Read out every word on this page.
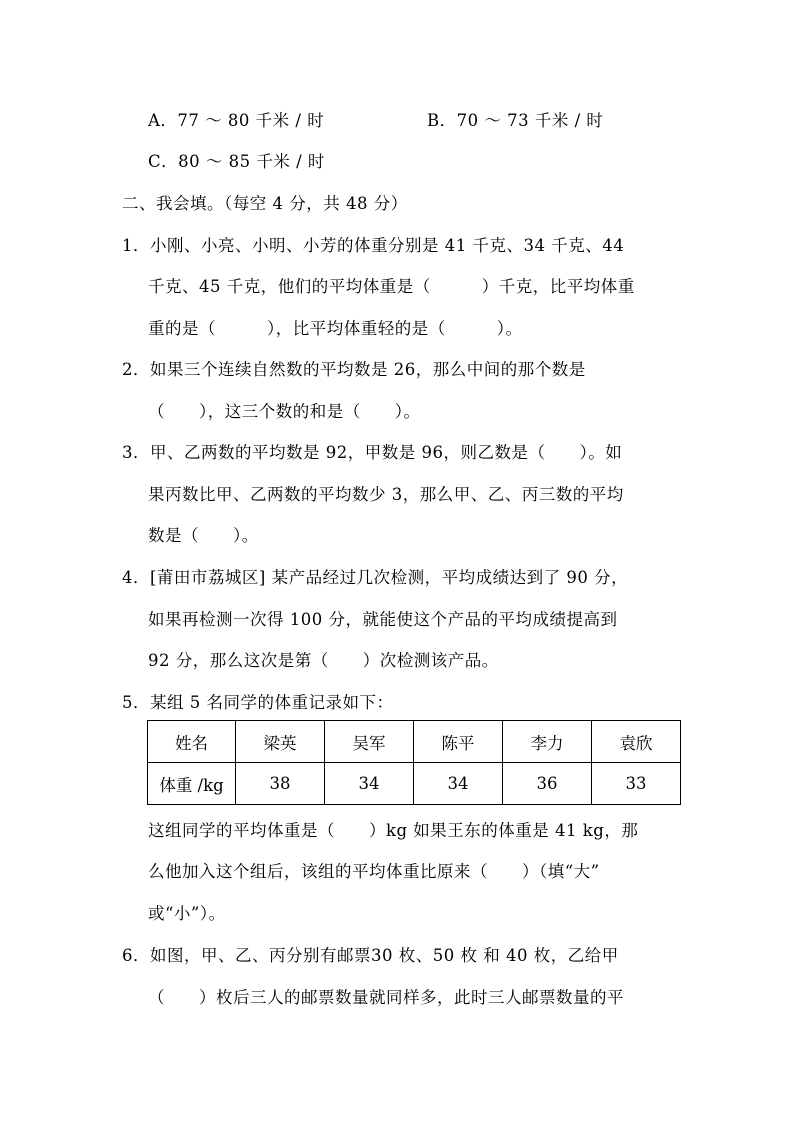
A．77 ～ 80 千米 / 时	B．70 ～ 73 千米 / 时
C．80 ～ 85 千米 / 时
二、我会填。（每空 4 分，共 48 分）
1．小刚、小亮、小明、小芳的体重分别是 41 千克、34 千克、44
千克、45 千克，他们的平均体重是（　　　）千克，比平均体重
重的是（　　　），比平均体重轻的是（　　　）。
2．如果三个连续自然数的平均数是 26，那么中间的那个数是
（　　），这三个数的和是（　　）。
3．甲、乙两数的平均数是 92，甲数是 96，则乙数是（　　）。如
果丙数比甲、乙两数的平均数少 3，那么甲、乙、丙三数的平均
数是（　　）。
4．[莆田市荔城区] 某产品经过几次检测，平均成绩达到了 90 分，
如果再检测一次得 100 分，就能使这个产品的平均成绩提高到
92 分，那么这次是第（　　）次检测该产品。
5．某组 5 名同学的体重记录如下：
姓名	梁英	吴军	陈平	李力	袁欣
体重 /kg	38	34	34	36	33
这组同学的平均体重是（　　）kg 如果王东的体重是 41 kg，那
么他加入这个组后，该组的平均体重比原来（　　）（填“大”
或“小”）。
6．如图，甲、乙、丙分别有邮票30 枚、50 枚 和 40 枚，乙给甲
（　　）枚后三人的邮票数量就同样多，此时三人邮票数量的平
